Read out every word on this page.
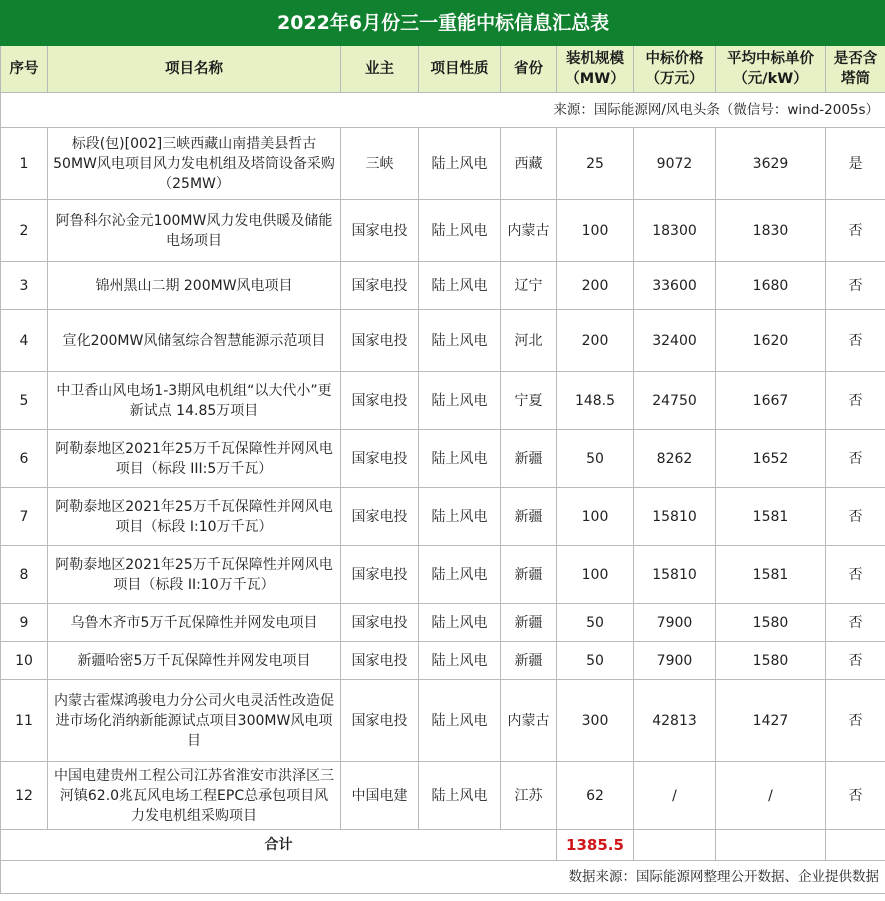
2022年6月份三一重能中标信息汇总表								
序号	项目名称	业主	项目性质	省份	装机规模（MW）	中标价格（万元）	平均中标单价（元/kW）	是否含塔筒
来源：国际能源网/风电头条（微信号：wind-2005s）								
1	标段(包)[002]三峡西藏山南措美县哲古50MW风电项目风力发电机组及塔筒设备采购（25MW）	三峡	陆上风电	西藏	25	9072	3629	是
2	阿鲁科尔沁金元100MW风力发电供暖及储能电场项目	国家电投	陆上风电	内蒙古	100	18300	1830	否
3	锦州黑山二期 200MW风电项目	国家电投	陆上风电	辽宁	200	33600	1680	否
4	宣化200MW风储氢综合智慧能源示范项目	国家电投	陆上风电	河北	200	32400	1620	否
5	中卫香山风电场1-3期风电机组“以大代小”更新试点 14.85万项目	国家电投	陆上风电	宁夏	148.5	24750	1667	否
6	阿勒泰地区2021年25万千瓦保障性并网风电项目（标段 III:5万千瓦）	国家电投	陆上风电	新疆	50	8262	1652	否
7	阿勒泰地区2021年25万千瓦保障性并网风电项目（标段 I:10万千瓦）	国家电投	陆上风电	新疆	100	15810	1581	否
8	阿勒泰地区2021年25万千瓦保障性并网风电项目（标段 II:10万千瓦）	国家电投	陆上风电	新疆	100	15810	1581	否
9	乌鲁木齐市5万千瓦保障性并网发电项目	国家电投	陆上风电	新疆	50	7900	1580	否
10	新疆哈密5万千瓦保障性并网发电项目	国家电投	陆上风电	新疆	50	7900	1580	否
11	内蒙古霍煤鸿骏电力分公司火电灵活性改造促进市场化消纳新能源试点项目300MW风电项目	国家电投	陆上风电	内蒙古	300	42813	1427	否
12	中国电建贵州工程公司江苏省淮安市洪泽区三河镇62.0兆瓦风电场工程EPC总承包项目风力发电机组采购项目	中国电建	陆上风电	江苏	62	/	/	否
合计					1385.5			
数据来源：国际能源网整理公开数据、企业提供数据								
